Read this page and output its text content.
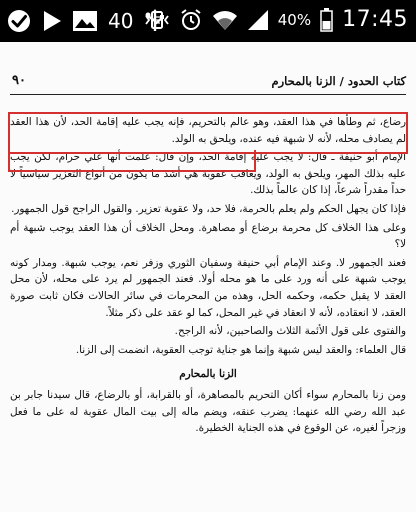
40	40% 17:45
كتاب الحدود / الزنا بالمحارم
٩٠

رضاع، ثم وطأها في هذا العقد، وهو عالم بالتحريم، فإنه يجب عليه إقامة الحد، لأن هذا العقد لم يصادف محله، لأنه لا شبهة فيه عنده، ويلحق به الولد.

الإمام أبو حنيفة ـ قال: لا يجب عليه إقامة الحد، وإن قال: علمت أنها علي حرام، لكن يجب عليه بذلك المهر، ويلحق به الولد، ويعاقب عقوبة هي أشد ما يكون من أنواع التعزير سياسياً لا حداً مقدراً شرعاً، إذا كان عالماً بذلك.

فإذا كان يجهل الحكم ولم يعلم بالحرمة، فلا حد، ولا عقوبة تعزير. والقول الراجح قول الجمهور.

وعلى هذا الخلاف كل محرمة برضاع أو مصاهرة. ومحل الخلاف أن هذا العقد يوجب شبهة أم لا؟

فعند الجمهور لا. وعند الإمام أبي حنيفة وسفيان الثوري وزفر نعم، يوجب شبهة. ومدار كونه يوجب شبهة على أنه ورد على ما هو محله أولا. فعند الجمهور لم يرد على محله، لأن محل العقد لا يقبل حكمه، وحكمه الحل، وهذه من المحرمات في سائر الحالات فكان ثابت صورة العقد، لا انعقاده، لأنه لا انعقاد في غير المحل، كما لو عقد على ذكر مثلاً.

والفتوى على قول الأئمة الثلاث والصاحبين، لأنه الراجح.

قال العلماء: والعقد ليس شبهة وإنما هو جناية توجب العقوبة، انضمت إلى الزنا.

الزنا بالمحارم

ومن زنا بالمحارم سواء أكان التحريم بالمصاهرة، أو بالقرابة، أو بالرضاع، قال سيدنا جابر بن عبد الله رضي الله عنهما: يضرب عنقه، ويضم ماله إلى بيت المال عقوبة له على ما فعل وزجراً لغيره، عن الوقوع في هذه الجناية الخطيرة.
